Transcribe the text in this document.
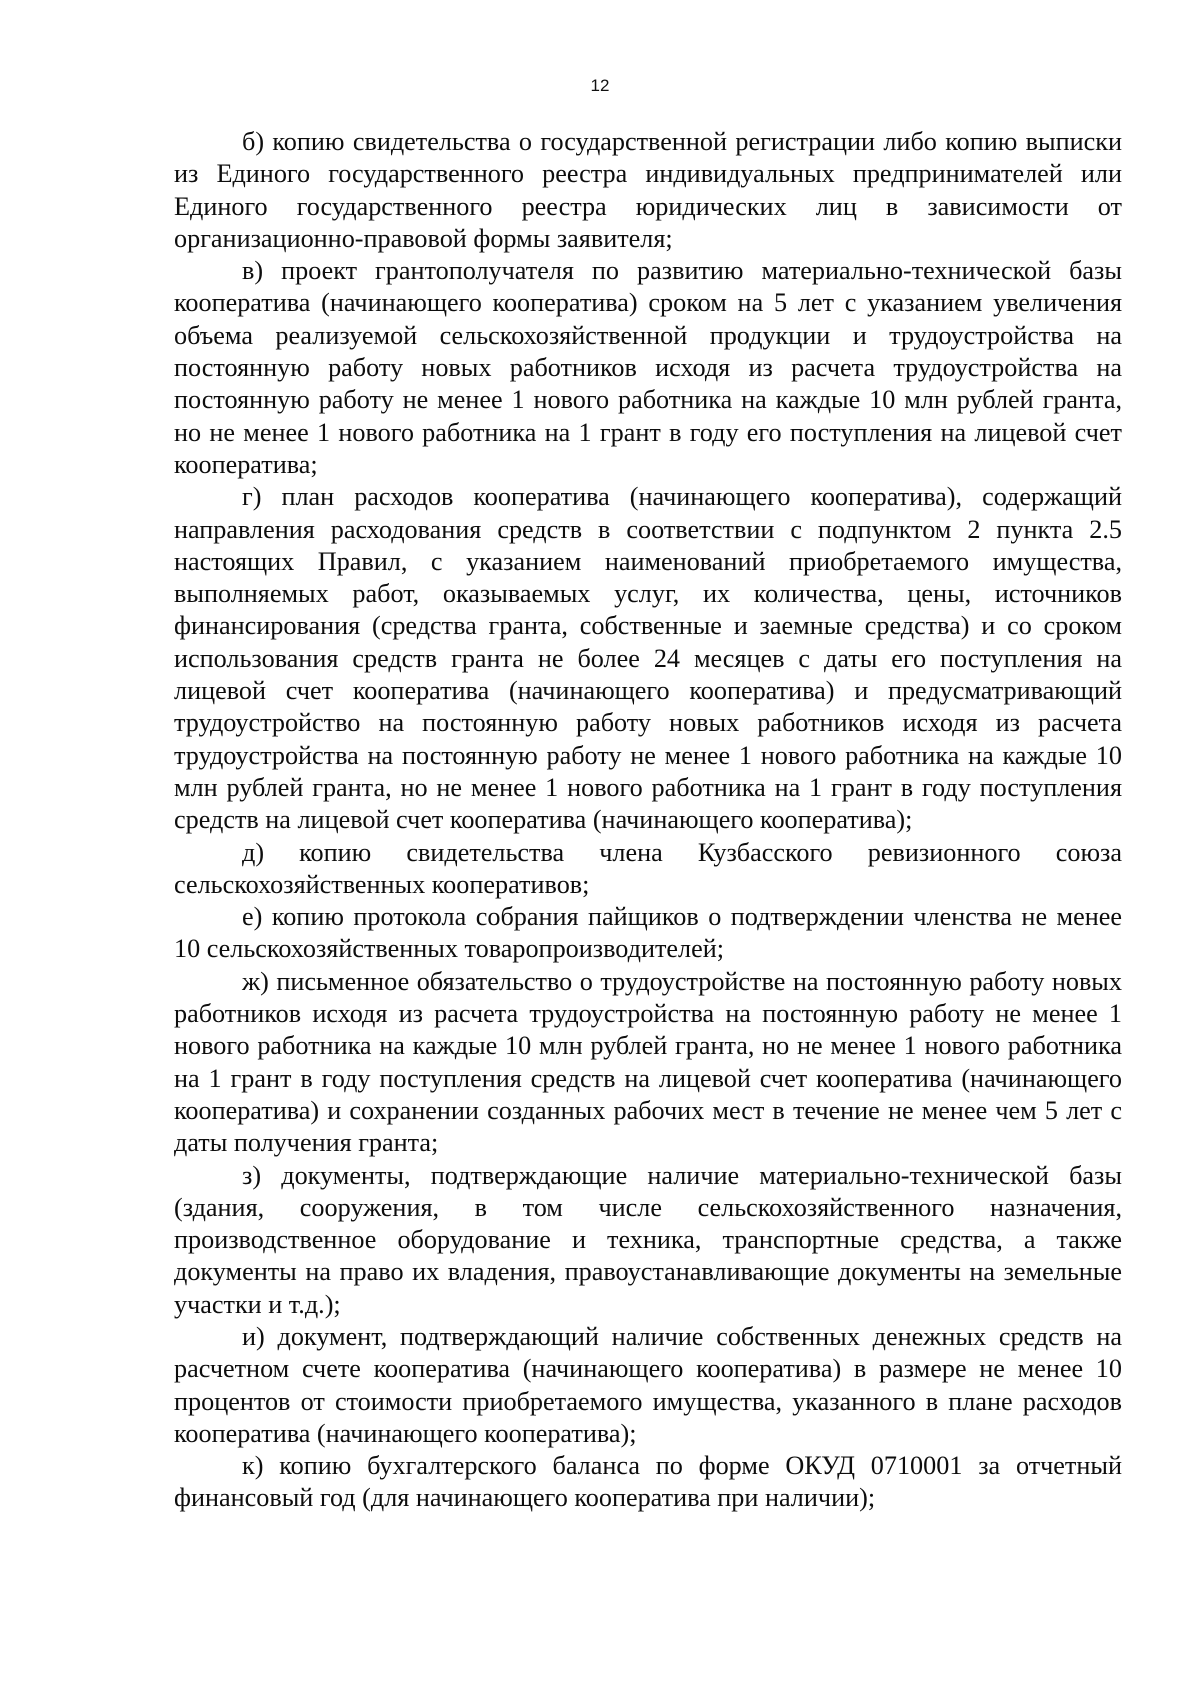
12

б) копию свидетельства о государственной регистрации либо копию выписки из Единого государственного реестра индивидуальных предпринимателей или Единого государственного реестра юридических лиц в зависимости от организационно-правовой формы заявителя;

в) проект грантополучателя по развитию материально-технической базы кооператива (начинающего кооператива) сроком на 5 лет с указанием увеличения объема реализуемой сельскохозяйственной продукции и трудоустройства на постоянную работу новых работников исходя из расчета трудоустройства на постоянную работу не менее 1 нового работника на каждые 10 млн рублей гранта, но не менее 1 нового работника на 1 грант в году его поступления на лицевой счет кооператива;

г) план расходов кооператива (начинающего кооператива), содержащий направления расходования средств в соответствии с подпунктом 2 пункта 2.5 настоящих Правил, с указанием наименований приобретаемого имущества, выполняемых работ, оказываемых услуг, их количества, цены, источников финансирования (средства гранта, собственные и заемные средства) и со сроком использования средств гранта не более 24 месяцев с даты его поступления на лицевой счет кооператива (начинающего кооператива) и предусматривающий трудоустройство на постоянную работу новых работников исходя из расчета трудоустройства на постоянную работу не менее 1 нового работника на каждые 10 млн рублей гранта, но не менее 1 нового работника на 1 грант в году поступления средств на лицевой счет кооператива (начинающего кооператива);

д) копию свидетельства члена Кузбасского ревизионного союза сельскохозяйственных кооперативов;

е) копию протокола собрания пайщиков о подтверждении членства не менее 10 сельскохозяйственных товаропроизводителей;

ж) письменное обязательство о трудоустройстве на постоянную работу новых работников исходя из расчета трудоустройства на постоянную работу не менее 1 нового работника на каждые 10 млн рублей гранта, но не менее 1 нового работника на 1 грант в году поступления средств на лицевой счет кооператива (начинающего кооператива) и сохранении созданных рабочих мест в течение не менее чем 5 лет с даты получения гранта;

з) документы, подтверждающие наличие материально-технической базы (здания, сооружения, в том числе сельскохозяйственного назначения, производственное оборудование и техника, транспортные средства, а также документы на право их владения, правоустанавливающие документы на земельные участки и т.д.);

и) документ, подтверждающий наличие собственных денежных средств на расчетном счете кооператива (начинающего кооператива) в размере не менее 10 процентов от стоимости приобретаемого имущества, указанного в плане расходов кооператива (начинающего кооператива);

к) копию бухгалтерского баланса по форме ОКУД 0710001 за отчетный финансовый год (для начинающего кооператива при наличии);
